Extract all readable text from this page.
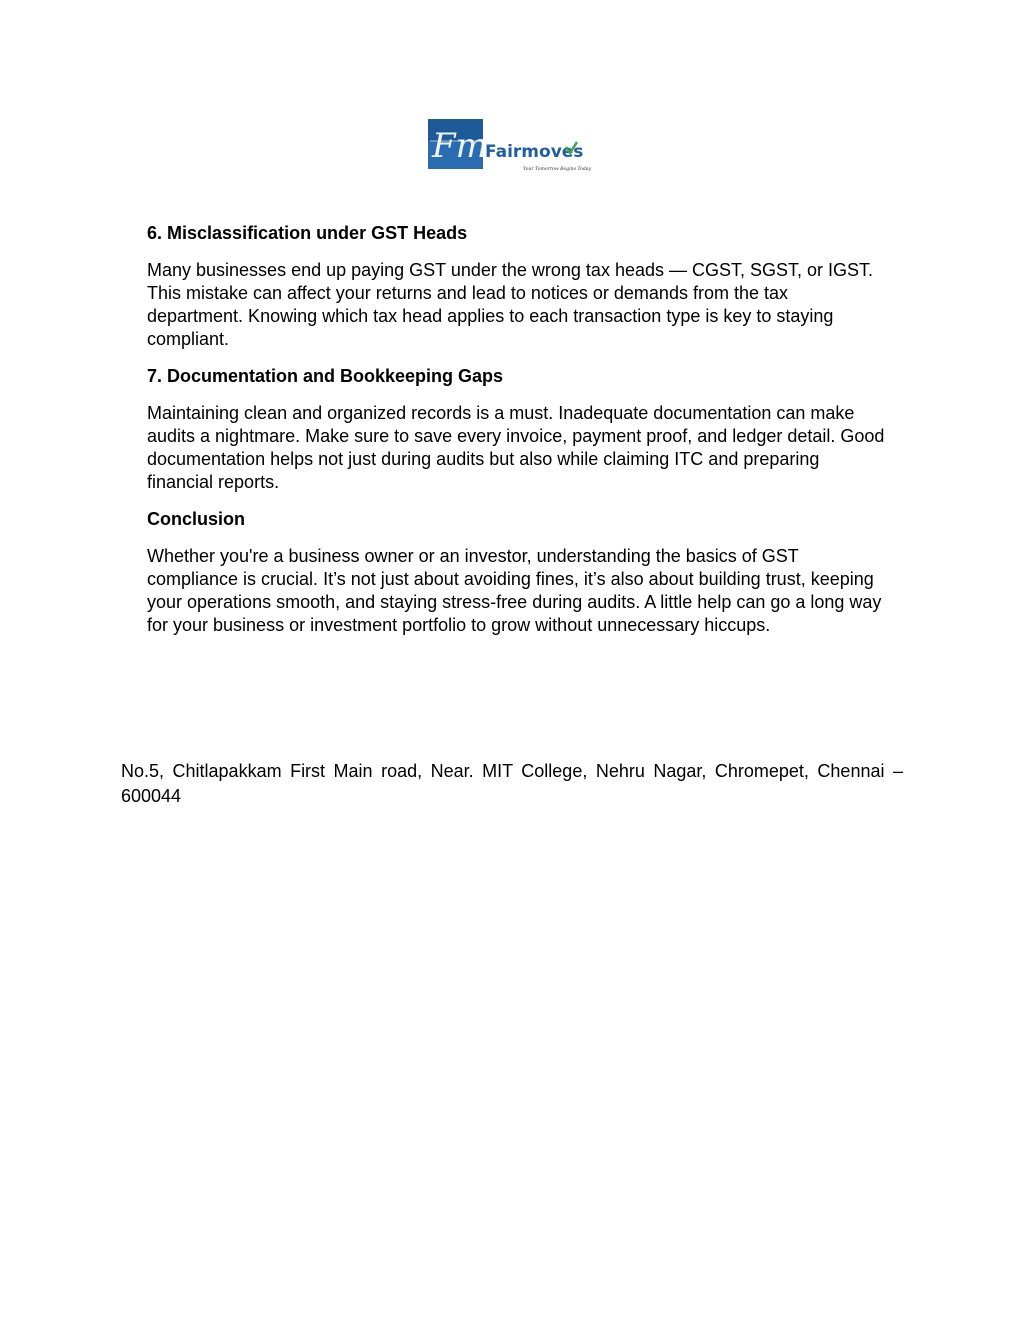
Fm
Fairmoves
Your Tomorrow Begins Today
6. Misclassification under GST Heads
Many businesses end up paying GST under the wrong tax heads — CGST, SGST, or IGST. This mistake can affect your returns and lead to notices or demands from the tax department. Knowing which tax head applies to each transaction type is key to staying compliant.
7. Documentation and Bookkeeping Gaps
Maintaining clean and organized records is a must. Inadequate documentation can make audits a nightmare. Make sure to save every invoice, payment proof, and ledger detail. Good documentation helps not just during audits but also while claiming ITC and preparing financial reports.
Conclusion
Whether you're a business owner or an investor, understanding the basics of GST compliance is crucial. It’s not just about avoiding fines, it’s also about building trust, keeping your operations smooth, and staying stress-free during audits. A little help can go a long way for your business or investment portfolio to grow without unnecessary hiccups.
No.5, Chitlapakkam First Main road, Near. MIT College, Nehru Nagar, Chromepet, Chennai – 600044
